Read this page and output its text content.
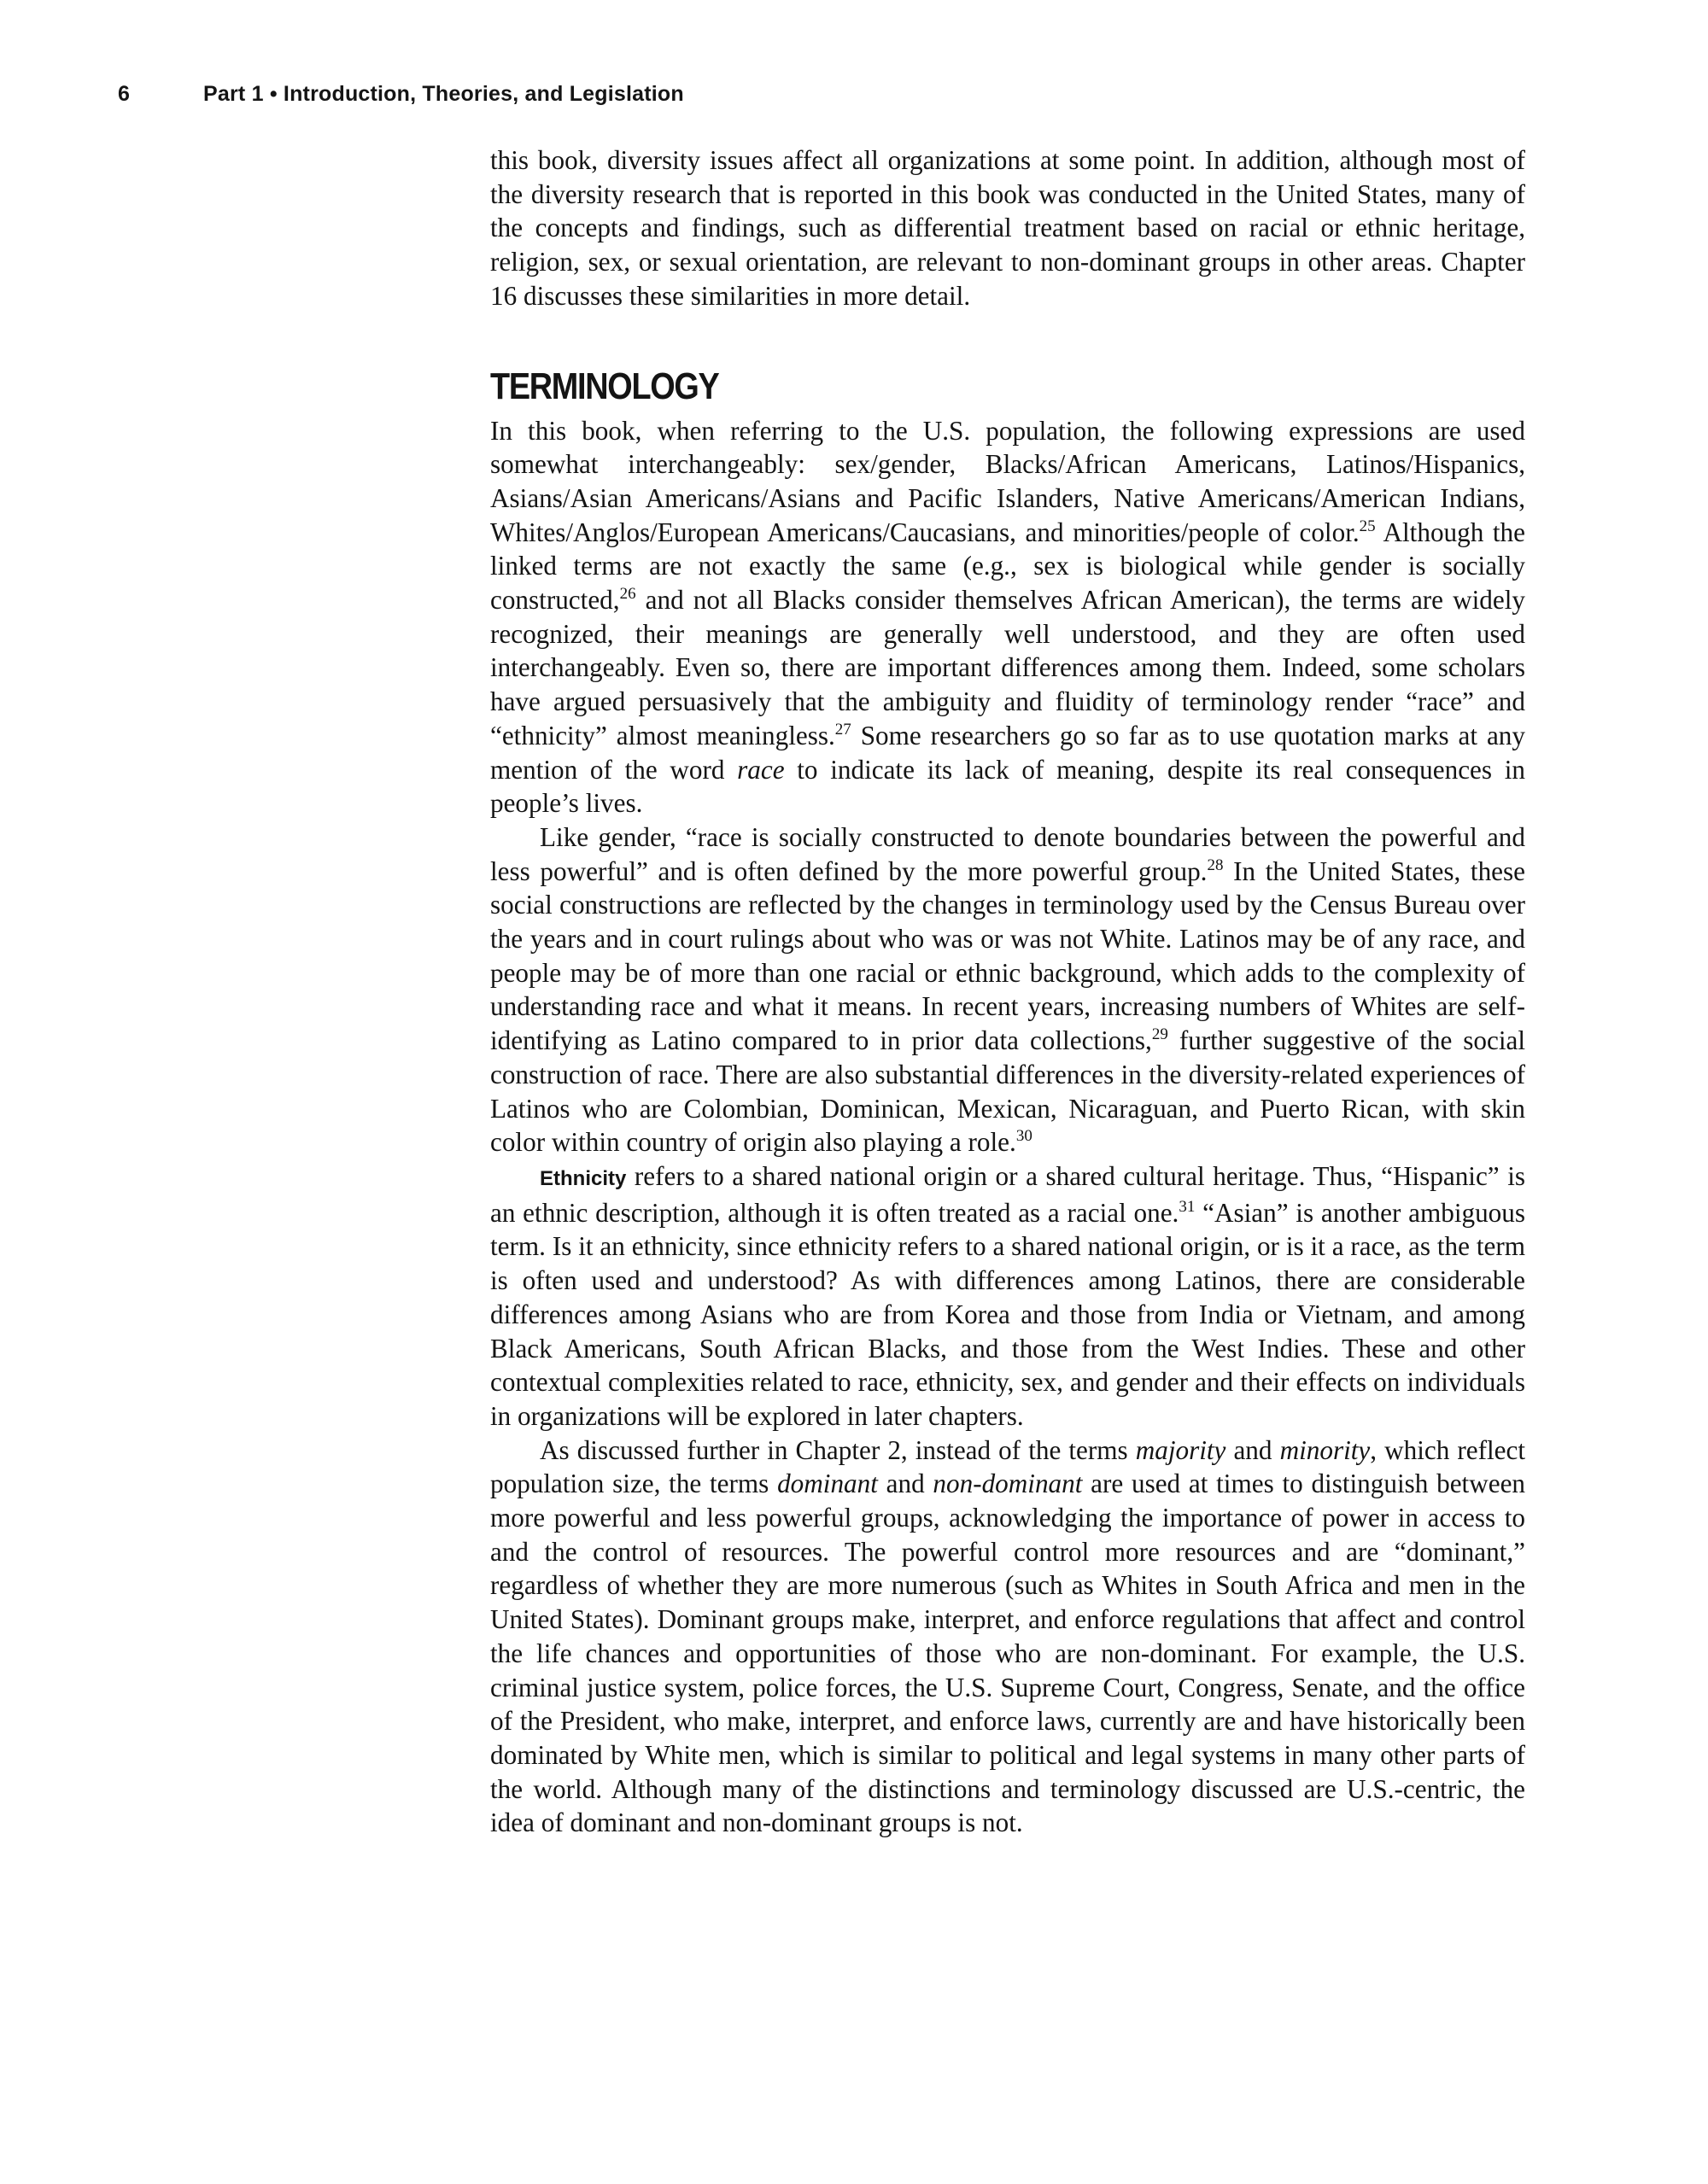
6	Part 1 • Introduction, Theories, and Legislation

this book, diversity issues affect all organizations at some point. In addition, although most of the diversity research that is reported in this book was conducted in the United States, many of the concepts and findings, such as differential treatment based on racial or ethnic heritage, religion, sex, or sexual orientation, are relevant to non-dominant groups in other areas. Chapter 16 discusses these similarities in more detail.

TERMINOLOGY

In this book, when referring to the U.S. population, the following expressions are used somewhat interchangeably: sex/gender, Blacks/African Americans, Latinos/Hispanics, Asians/Asian Americans/Asians and Pacific Islanders, Native Americans/American Indians, Whites/Anglos/European Americans/Caucasians, and minorities/people of color.$^{25}$ Although the linked terms are not exactly the same (e.g., sex is biological while gender is socially constructed,$^{26}$ and not all Blacks consider themselves African American), the terms are widely recognized, their meanings are generally well understood, and they are often used interchangeably. Even so, there are important differences among them. Indeed, some scholars have argued persuasively that the ambiguity and fluidity of terminology render “race” and “ethnicity” almost meaningless.$^{27}$ Some researchers go so far as to use quotation marks at any mention of the word race to indicate its lack of meaning, despite its real consequences in people’s lives.

Like gender, “race is socially constructed to denote boundaries between the powerful and less powerful” and is often defined by the more powerful group.$^{28}$ In the United States, these social constructions are reflected by the changes in terminology used by the Census Bureau over the years and in court rulings about who was or was not White. Latinos may be of any race, and people may be of more than one racial or ethnic background, which adds to the complexity of understanding race and what it means. In recent years, increasing numbers of Whites are self-identifying as Latino compared to in prior data collections,$^{29}$ further suggestive of the social construction of race. There are also substantial differences in the diversity-related experiences of Latinos who are Colombian, Dominican, Mexican, Nicaraguan, and Puerto Rican, with skin color within country of origin also playing a role.$^{30}$

Ethnicity refers to a shared national origin or a shared cultural heritage. Thus, “Hispanic” is an ethnic description, although it is often treated as a racial one.$^{31}$ “Asian” is another ambiguous term. Is it an ethnicity, since ethnicity refers to a shared national origin, or is it a race, as the term is often used and understood? As with differences among Latinos, there are considerable differences among Asians who are from Korea and those from India or Vietnam, and among Black Americans, South African Blacks, and those from the West Indies. These and other contextual complexities related to race, ethnicity, sex, and gender and their effects on individuals in organizations will be explored in later chapters.

As discussed further in Chapter 2, instead of the terms majority and minority, which reflect population size, the terms dominant and non-dominant are used at times to distinguish between more powerful and less powerful groups, acknowledging the importance of power in access to and the control of resources. The powerful control more resources and are “dominant,” regardless of whether they are more numerous (such as Whites in South Africa and men in the United States). Dominant groups make, interpret, and enforce regulations that affect and control the life chances and opportunities of those who are non-dominant. For example, the U.S. criminal justice system, police forces, the U.S. Supreme Court, Congress, Senate, and the office of the President, who make, interpret, and enforce laws, currently are and have historically been dominated by White men, which is similar to political and legal systems in many other parts of the world. Although many of the distinctions and terminology discussed are U.S.-centric, the idea of dominant and non-dominant groups is not.
